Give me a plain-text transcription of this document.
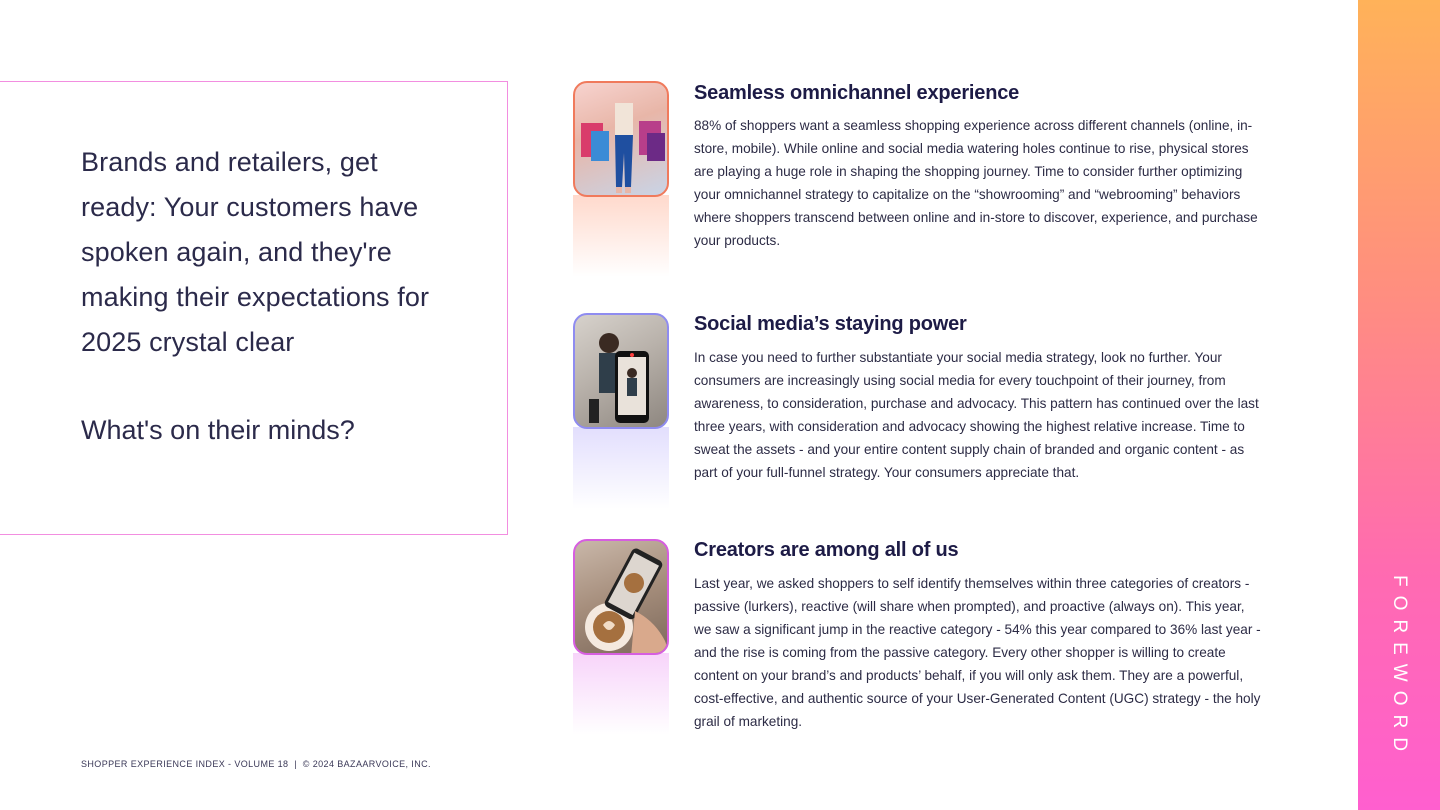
Brands and retailers, get ready: Your customers have spoken again, and they're making their expectations for 2025 crystal clear
What's on their minds?
Seamless omnichannel experience
88% of shoppers want a seamless shopping experience across different channels (online, in-store, mobile). While online and social media watering holes continue to rise, physical stores are playing a huge role in shaping the shopping journey. Time to consider further optimizing your omnichannel strategy to capitalize on the “showrooming” and “webrooming” behaviors where shoppers transcend between online and in-store to discover, experience, and purchase your products.
Social media’s staying power
In case you need to further substantiate your social media strategy, look no further. Your consumers are increasingly using social media for every touchpoint of their journey, from awareness, to consideration, purchase and advocacy. This pattern has continued over the last three years, with consideration and advocacy showing the highest relative increase. Time to sweat the assets - and your entire content supply chain of branded and organic content - as part of your full-funnel strategy. Your consumers appreciate that.
Creators are among all of us
Last year, we asked shoppers to self identify themselves within three categories of creators - passive (lurkers), reactive (will share when prompted), and proactive (always on). This year, we saw a significant jump in the reactive category - 54% this year compared to 36% last year - and the rise is coming from the passive category. Every other shopper is willing to create content on your brand’s and products’ behalf, if you will only ask them. They are a powerful, cost-effective, and authentic source of your User-Generated Content (UGC) strategy - the holy grail of marketing.
SHOPPER EXPERIENCE INDEX - VOLUME 18  |  © 2024 BAZAARVOICE, INC.
FOREWORD
